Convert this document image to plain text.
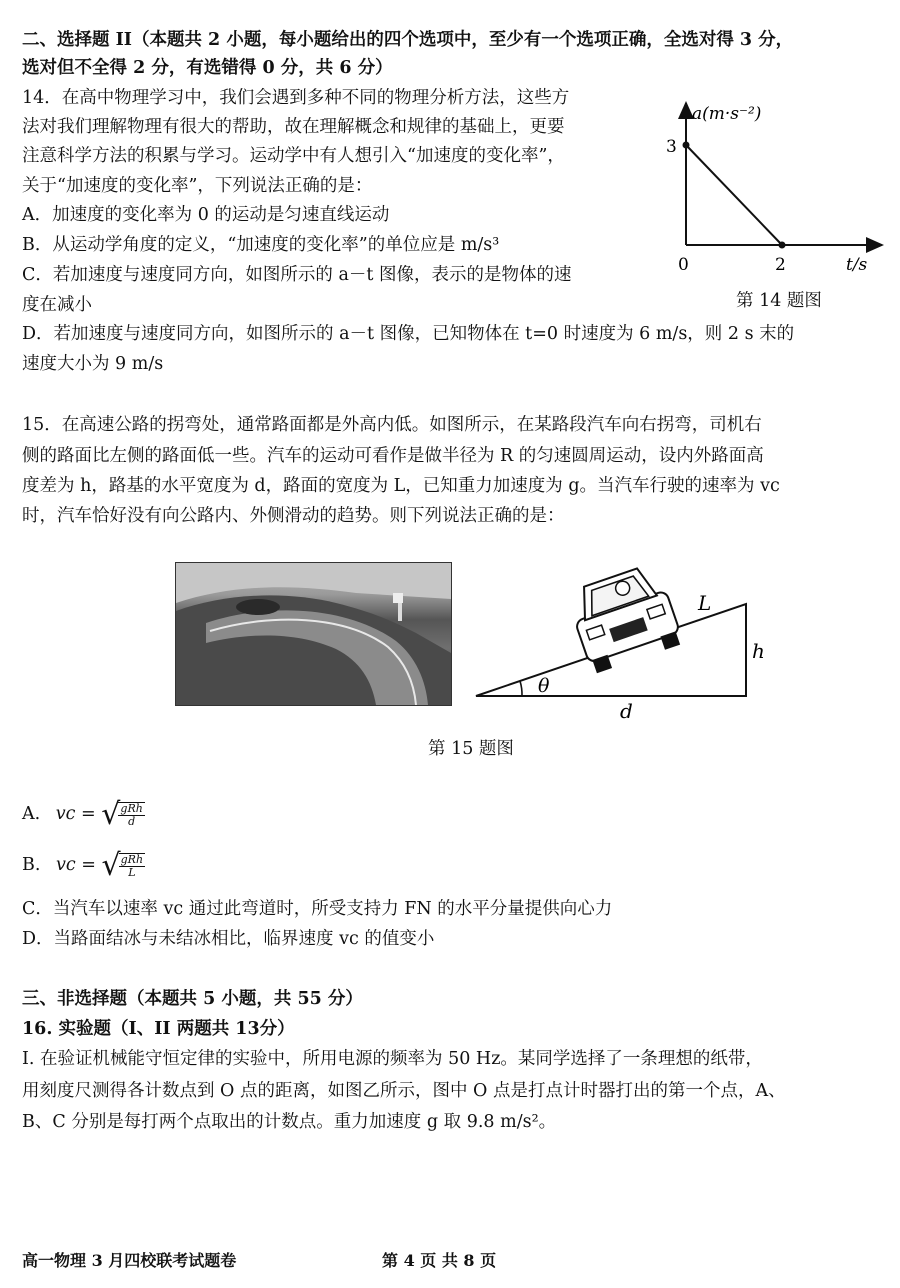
二、选择题 II（本题共 2 小题，每小题给出的四个选项中，至少有一个选项正确，全选对得 3 分，
选对但不全得 2 分，有选错得 0 分，共 6 分）
14．在高中物理学习中，我们会遇到多种不同的物理分析方法，这些方
法对我们理解物理有很大的帮助，故在理解概念和规律的基础上，更要
注意科学方法的积累与学习。运动学中有人想引入“加速度的变化率”，
关于“加速度的变化率”，下列说法正确的是：
A．加速度的变化率为 0 的运动是匀速直线运动
B．从运动学角度的定义，“加速度的变化率”的单位应是 m/s³
C．若加速度与速度同方向，如图所示的 a－t 图像，表示的是物体的速
度在减小
D．若加速度与速度同方向，如图所示的 a－t 图像，已知物体在 t=0 时速度为 6 m/s，则 2 s 末的
速度大小为 9 m/s
a(m·s⁻²)
3
0	2	t/s
第 14 题图
15．在高速公路的拐弯处，通常路面都是外高内低。如图所示，在某路段汽车向右拐弯，司机右
侧的路面比左侧的路面低一些。汽车的运动可看作是做半径为 R 的匀速圆周运动，设内外路面高
度差为 h，路基的水平宽度为 d，路面的宽度为 L，已知重力加速度为 g。当汽车行驶的速率为 vc
时，汽车恰好没有向公路内、外侧滑动的趋势。则下列说法正确的是：
L
h
d
θ
第 15 题图
A. vc = √
$\frac{\text{gRh}}{d}$
B. vc = √
$\frac{\text{gRh}}{L}$
C．当汽车以速率 vc 通过此弯道时，所受支持力 FN 的水平分量提供向心力
D．当路面结冰与未结冰相比，临界速度 vc 的值变小
三、非选择题（本题共 5 小题，共 55 分）
16. 实验题（I、II 两题共 13分）
I. 在验证机械能守恒定律的实验中，所用电源的频率为 50 Hz。某同学选择了一条理想的纸带，
用刻度尺测得各计数点到 O 点的距离，如图乙所示，图中 O 点是打点计时器打出的第一个点，A、
B、C 分别是每打两个点取出的计数点。重力加速度 g 取 9.8 m/s²。
高一物理 3 月四校联考试题卷	第 4 页 共 8 页
